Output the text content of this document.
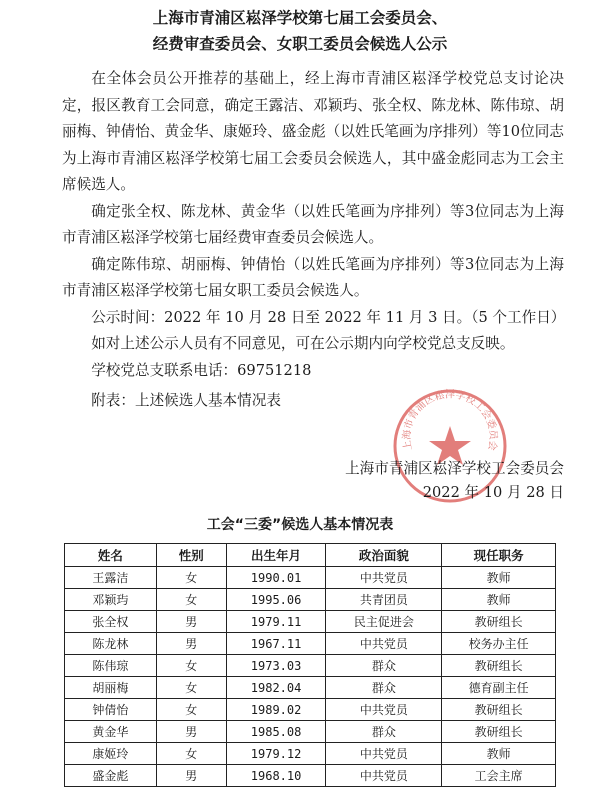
上海市青浦区崧泽学校第七届工会委员会、
经费审查委员会、女职工委员会候选人公示

在全体会员公开推荐的基础上，经上海市青浦区崧泽学校党总支讨论决定，报区教育工会同意，确定王露洁、邓颖玙、张全权、陈龙林、陈伟琼、胡丽梅、钟倩怡、黄金华、康姬玲、盛金彪（以姓氏笔画为序排列）等10位同志为上海市青浦区崧泽学校第七届工会委员会候选人，其中盛金彪同志为工会主席候选人。

确定张全权、陈龙林、黄金华（以姓氏笔画为序排列）等3位同志为上海市青浦区崧泽学校第七届经费审查委员会候选人。

确定陈伟琼、胡丽梅、钟倩怡（以姓氏笔画为序排列）等3位同志为上海市青浦区崧泽学校第七届女职工委员会候选人。

公示时间：2022 年 10 月 28 日至 2022 年 11 月 3 日。（5 个工作日）

如对上述公示人员有不同意见，可在公示期内向学校党总支反映。

学校党总支联系电话：69751218

附表：上述候选人基本情况表

上海市青浦区崧泽学校工会委员会
上海市青浦区崧泽学校工会委员会
2022 年 10 月 28 日
工会“三委”候选人基本情况表
姓名	性别	出生年月	政治面貌	现任职务
王露洁	女	1990.01	中共党员	教师
邓颖玙	女	1995.06	共青团员	教师
张全权	男	1979.11	民主促进会	教研组长
陈龙林	男	1967.11	中共党员	校务办主任
陈伟琼	女	1973.03	群众	教研组长
胡丽梅	女	1982.04	群众	德育副主任
钟倩怡	女	1989.02	中共党员	教研组长
黄金华	男	1985.08	群众	教研组长
康姬玲	女	1979.12	中共党员	教师
盛金彪	男	1968.10	中共党员	工会主席
